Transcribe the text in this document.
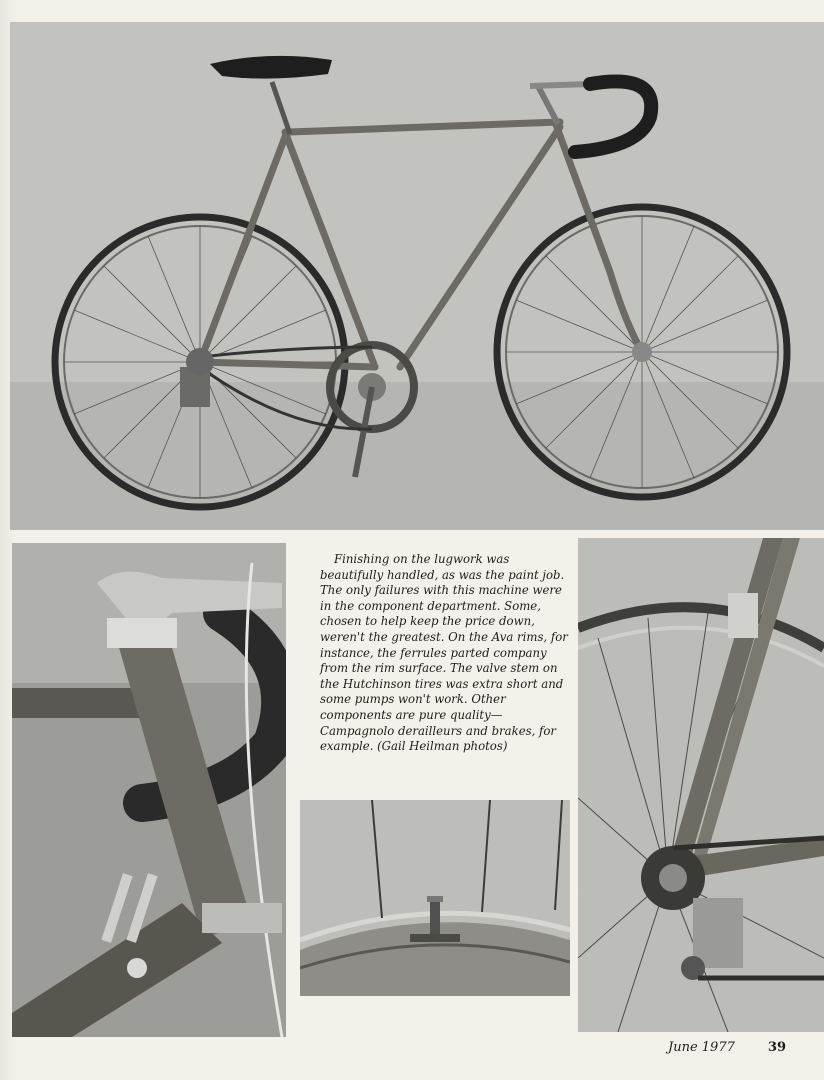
Finishing on the lugwork was beautifully handled, as was the paint job. The only failures with this machine were in the component department. Some, chosen to help keep the price down, weren't the greatest. On the Ava rims, for instance, the ferrules parted company from the rim surface. The valve stem on the Hutchinson tires was extra short and some pumps won't work. Other components are pure quality—Campagnolo derailleurs and brakes, for example. (Gail Heilman photos)

June 1977	39
